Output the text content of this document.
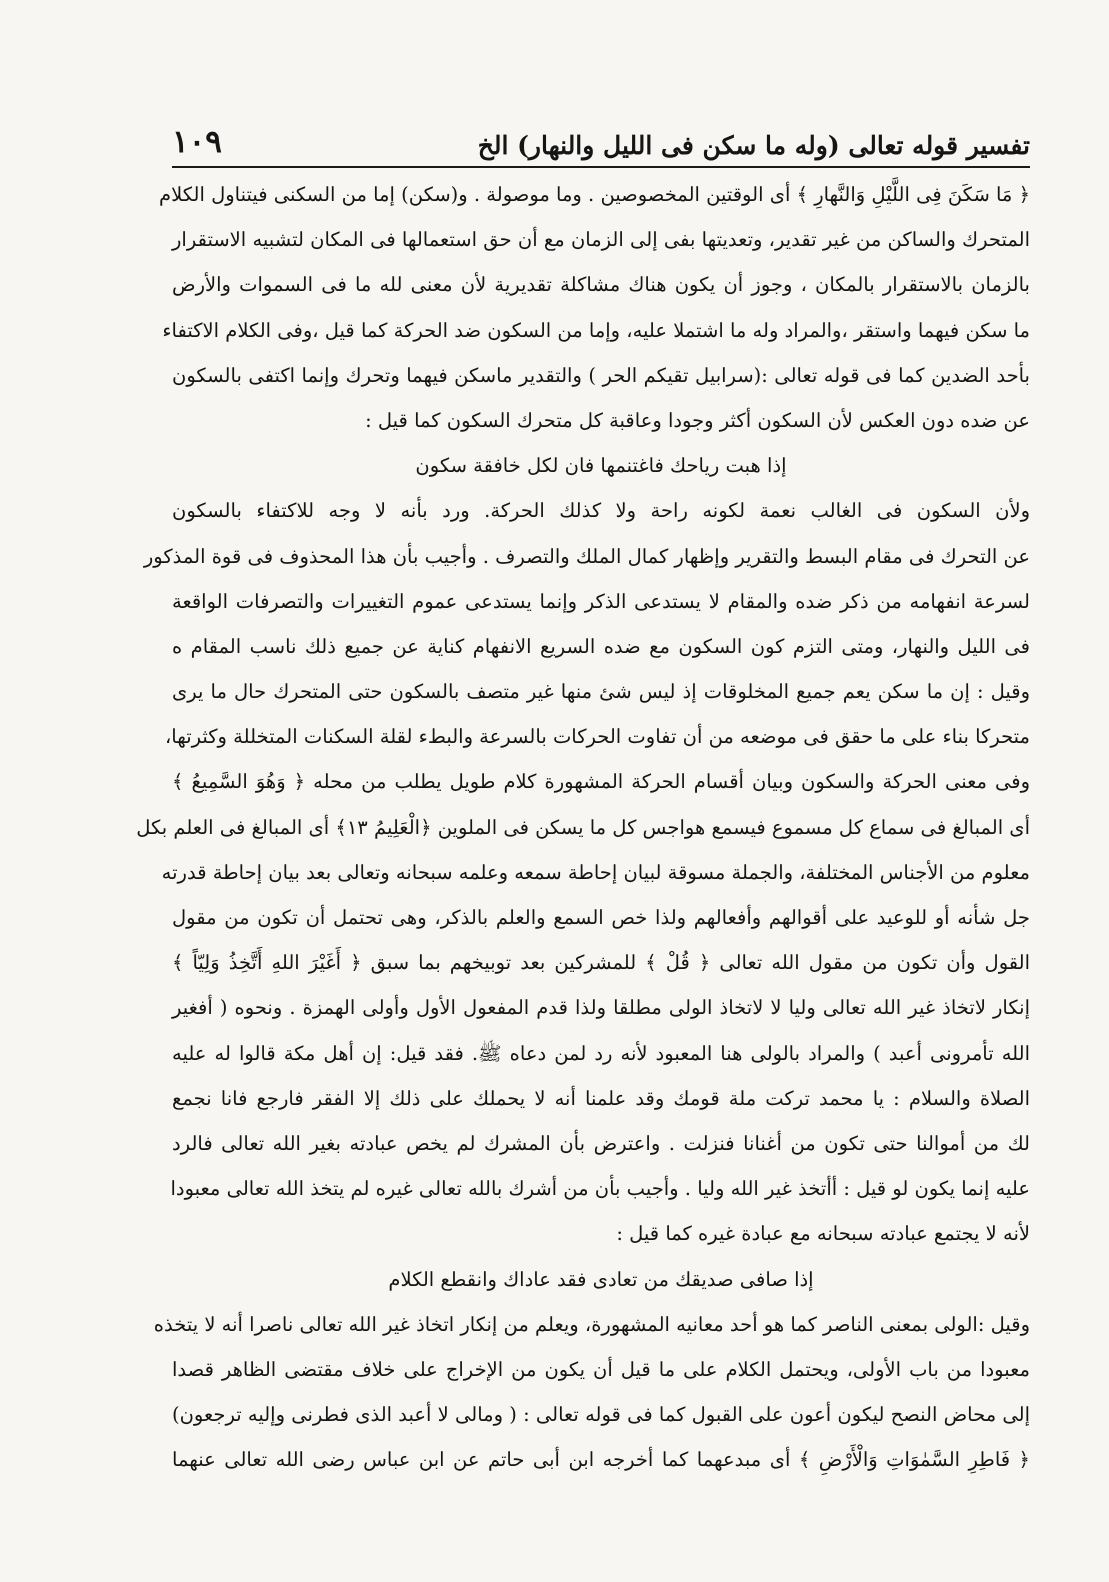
تفسير قوله تعالى (وله ما سكن فى الليل والنهار) الخ
١٠٩
﴿ مَا سَكَنَ فِى اللَّيْلِ وَالنَّهارِ ﴾ أى الوقتين المخصوصين . وما موصولة . و(سكن) إما من السكنى فيتناول الكلام
المتحرك والساكن من غير تقدير، وتعديتها بفى إلى الزمان مع أن حق استعمالها فى المكان لتشبيه الاستقرار
بالزمان بالاستقرار بالمكان ، وجوز أن يكون هناك مشاكلة تقديرية لأن معنى لله ما فى السموات والأرض
ما سكن فيهما واستقر ،والمراد وله ما اشتملا عليه، وإما من السكون ضد الحركة كما قيل ،وفى الكلام الاكتفاء
بأحد الضدين كما فى قوله تعالى :(سرابيل تقيكم الحر ) والتقدير ماسكن فيهما وتحرك وإنما اكتفى بالسكون
عن ضده دون العكس لأن السكون أكثر وجودا وعاقبة كل متحرك السكون كما قيل :
إذا هبت رياحك فاغتنمها فان لكل خافقة سكون
ولأن السكون فى الغالب نعمة لكونه راحة ولا كذلك الحركة. ورد بأنه لا وجه للاكتفاء بالسكون
عن التحرك فى مقام البسط والتقرير وإظهار كمال الملك والتصرف . وأجيب بأن هذا المحذوف فى قوة المذكور
لسرعة انفهامه من ذكر ضده والمقام لا يستدعى الذكر وإنما يستدعى عموم التغييرات والتصرفات الواقعة
فى الليل والنهار، ومتى التزم كون السكون مع ضده السريع الانفهام كناية عن جميع ذلك ناسب المقام ه
وقيل : إن ما سكن يعم جميع المخلوقات إذ ليس شئ منها غير متصف بالسكون حتى المتحرك حال ما يرى
متحركا بناء على ما حقق فى موضعه من أن تفاوت الحركات بالسرعة والبطء لقلة السكنات المتخللة وكثرتها،
وفى معنى الحركة والسكون وبيان أقسام الحركة المشهورة كلام طويل يطلب من محله ﴿ وَهُوَ السَّمِيعُ ﴾
أى المبالغ فى سماع كل مسموع فيسمع هواجس كل ما يسكن فى الملوين ﴿الْعَلِيمُ ١٣﴾ أى المبالغ فى العلم بكل
معلوم من الأجناس المختلفة، والجملة مسوقة لبيان إحاطة سمعه وعلمه سبحانه وتعالى بعد بيان إحاطة قدرته
جل شأنه أو للوعيد على أقوالهم وأفعالهم ولذا خص السمع والعلم بالذكر، وهى تحتمل أن تكون من مقول
القول وأن تكون من مقول الله تعالى ﴿ قُلْ ﴾ للمشركين بعد توبيخهم بما سبق ﴿ أَغَيْرَ اللهِ أَتَّخِذُ وَلِيّاً ﴾
إنكار لاتخاذ غير الله تعالى وليا لا لاتخاذ الولى مطلقا ولذا قدم المفعول الأول وأولى الهمزة . ونحوه ( أفغير
الله تأمرونى أعبد ) والمراد بالولى هنا المعبود لأنه رد لمن دعاه ﷺ. فقد قيل: إن أهل مكة قالوا له عليه
الصلاة والسلام : يا محمد تركت ملة قومك وقد علمنا أنه لا يحملك على ذلك إلا الفقر فارجع فانا نجمع
لك من أموالنا حتى تكون من أغنانا فنزلت . واعترض بأن المشرك لم يخص عبادته بغير الله تعالى فالرد
عليه إنما يكون لو قيل : أأتخذ غير الله وليا . وأجيب بأن من أشرك بالله تعالى غيره لم يتخذ الله تعالى معبودا
لأنه لا يجتمع عبادته سبحانه مع عبادة غيره كما قيل :
إذا صافى صديقك من تعادى فقد عاداك وانقطع الكلام
وقيل :الولى بمعنى الناصر كما هو أحد معانيه المشهورة، ويعلم من إنكار اتخاذ غير الله تعالى ناصرا أنه لا يتخذه
معبودا من باب الأولى، ويحتمل الكلام على ما قيل أن يكون من الإخراج على خلاف مقتضى الظاهر قصدا
إلى محاض النصح ليكون أعون على القبول كما فى قوله تعالى : ( ومالى لا أعبد الذى فطرنى وإليه ترجعون)
﴿ فَاطِرِ السَّمٰوَاتِ وَالْأَرْضِ ﴾ أى مبدعهما كما أخرجه ابن أبى حاتم عن ابن عباس رضى الله تعالى عنهما
